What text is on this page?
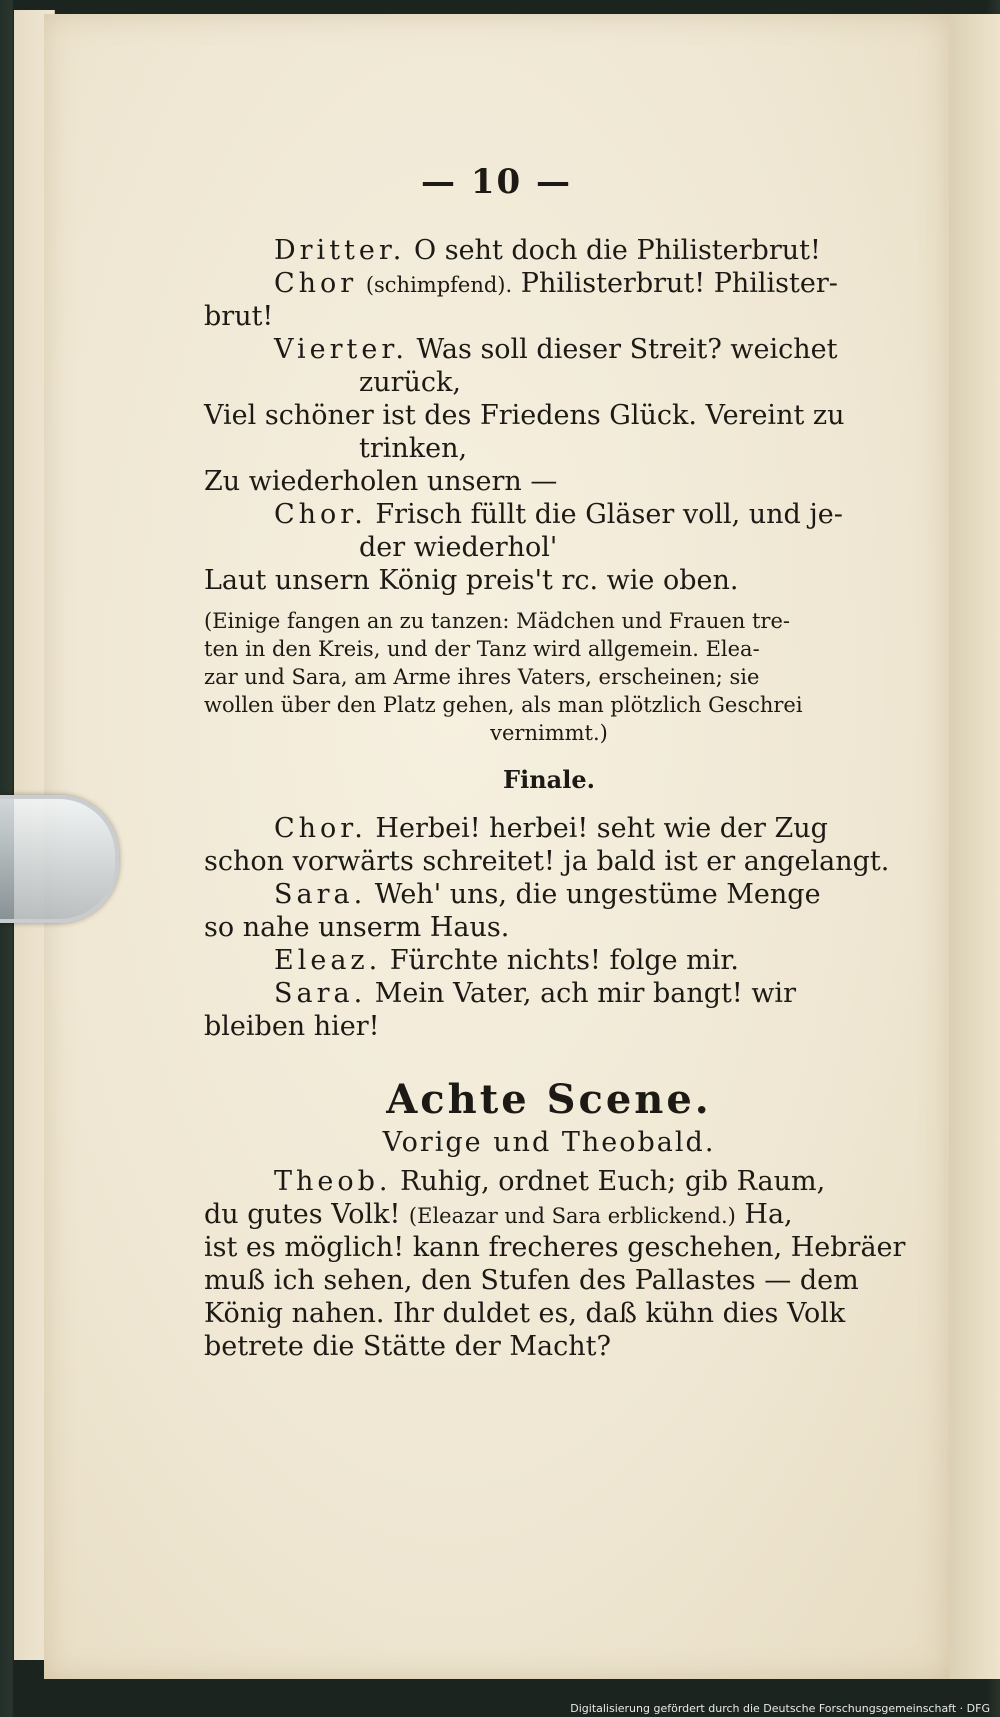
— 10 —
Dritter. O seht doch die Philisterbrut!
Chor (schimpfend). Philisterbrut! Philister-
brut!
Vierter. Was soll dieser Streit? weichet
zurück,
Viel schöner ist des Friedens Glück. Vereint zu
trinken,
Zu wiederholen unsern —
Chor. Frisch füllt die Gläser voll, und je-
der wiederhol'
Laut unsern König preis't rc. wie oben.
(Einige fangen an zu tanzen: Mädchen und Frauen tre-
ten in den Kreis, und der Tanz wird allgemein. Elea-
zar und Sara, am Arme ihres Vaters, erscheinen; sie
wollen über den Platz gehen, als man plötzlich Geschrei
vernimmt.)
Finale.
Chor. Herbei! herbei! seht wie der Zug
schon vorwärts schreitet! ja bald ist er angelangt.
Sara. Weh' uns, die ungestüme Menge
so nahe unserm Haus.
Eleaz. Fürchte nichts! folge mir.
Sara. Mein Vater, ach mir bangt! wir
bleiben hier!
Achte Scene.
Vorige und Theobald.
Theob. Ruhig, ordnet Euch; gib Raum,
du gutes Volk! (Eleazar und Sara erblickend.) Ha,
ist es möglich! kann frecheres geschehen, Hebräer
muß ich sehen, den Stufen des Pallastes — dem
König nahen. Ihr duldet es, daß kühn dies Volk
betrete die Stätte der Macht?
Digitalisierung gefördert durch die Deutsche Forschungsgemeinschaft · DFG
